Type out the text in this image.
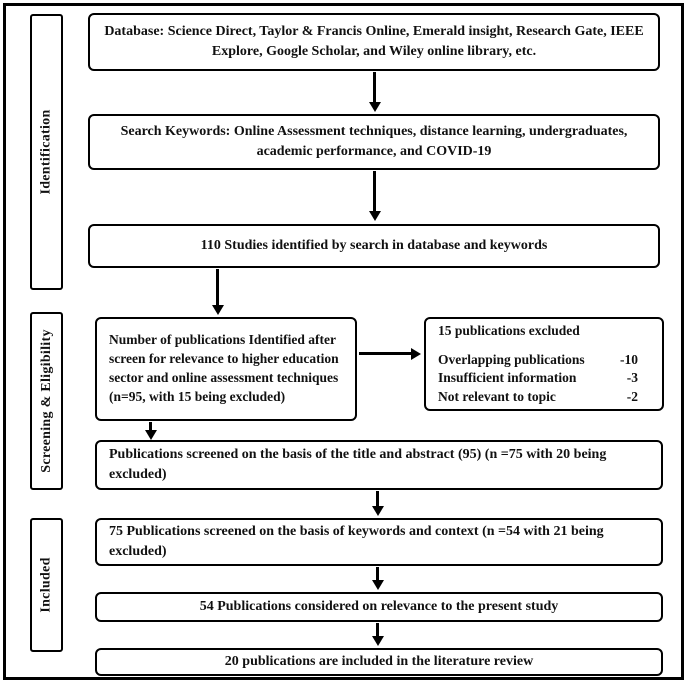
Identification
Screening & Eligibility
Included
Database: Science Direct, Taylor & Francis Online, Emerald insight, Research Gate, IEEE Explore, Google Scholar, and Wiley online library, etc.
Search Keywords: Online Assessment techniques, distance learning, undergraduates, academic performance, and COVID-19
110 Studies identified by search in database and keywords
Number of publications Identified after screen for relevance to higher education sector and online assessment techniques (n=95, with 15 being excluded)
15 publications excluded
Overlapping publications	-10
Insufficient information	-3
Not relevant to topic	-2
Publications screened on the basis of the title and abstract (95) (n =75 with 20 being excluded)
75 Publications screened on the basis of keywords and context (n =54 with 21 being excluded)
54 Publications considered on relevance to the present study
20 publications are included in the literature review
